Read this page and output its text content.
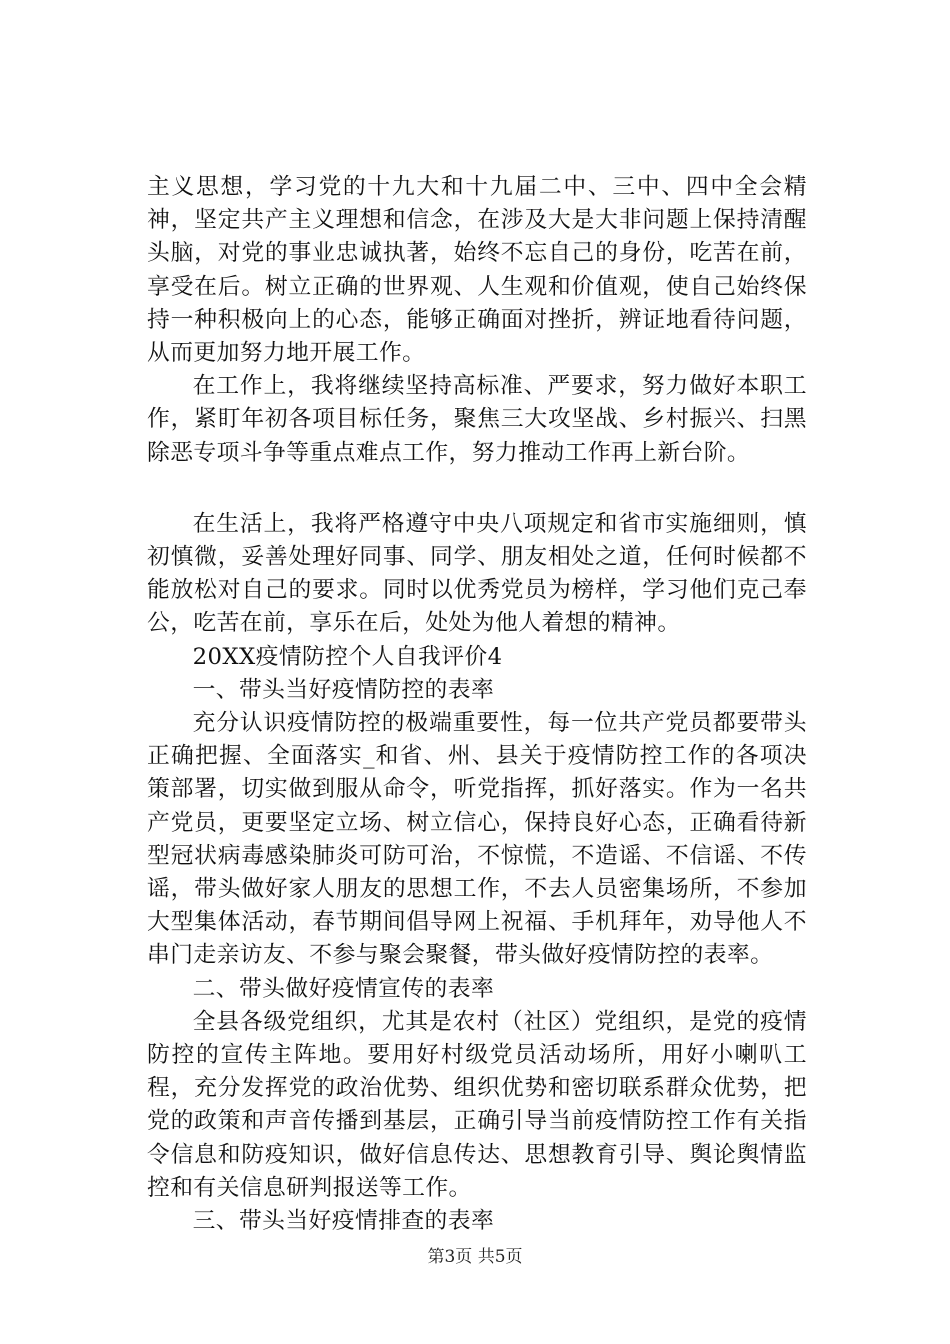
主义思想，学习党的十九大和十九届二中、三中、四中全会精神，坚定共产主义理想和信念，在涉及大是大非问题上保持清醒头脑，对党的事业忠诚执著，始终不忘自己的身份，吃苦在前，享受在后。树立正确的世界观、人生观和价值观，使自己始终保持一种积极向上的心态，能够正确面对挫折，辨证地看待问题，从而更加努力地开展工作。

在工作上，我将继续坚持高标准、严要求，努力做好本职工作，紧盯年初各项目标任务，聚焦三大攻坚战、乡村振兴、扫黑除恶专项斗争等重点难点工作，努力推动工作再上新台阶。

在生活上，我将严格遵守中央八项规定和省市实施细则，慎初慎微，妥善处理好同事、同学、朋友相处之道，任何时候都不能放松对自己的要求。同时以优秀党员为榜样，学习他们克己奉公，吃苦在前，享乐在后，处处为他人着想的精神。

20XX疫情防控个人自我评价4

一、带头当好疫情防控的表率

充分认识疫情防控的极端重要性，每一位共产党员都要带头正确把握、全面落实_和省、州、县关于疫情防控工作的各项决策部署，切实做到服从命令，听党指挥，抓好落实。作为一名共产党员，更要坚定立场、树立信心，保持良好心态，正确看待新型冠状病毒感染肺炎可防可治，不惊慌，不造谣、不信谣、不传谣，带头做好家人朋友的思想工作，不去人员密集场所，不参加大型集体活动，春节期间倡导网上祝福、手机拜年，劝导他人不串门走亲访友、不参与聚会聚餐，带头做好疫情防控的表率。

二、带头做好疫情宣传的表率

全县各级党组织，尤其是农村（社区）党组织，是党的疫情防控的宣传主阵地。要用好村级党员活动场所，用好小喇叭工程，充分发挥党的政治优势、组织优势和密切联系群众优势，把党的政策和声音传播到基层，正确引导当前疫情防控工作有关指令信息和防疫知识，做好信息传达、思想教育引导、舆论舆情监控和有关信息研判报送等工作。

三、带头当好疫情排查的表率

第3页 共5页
